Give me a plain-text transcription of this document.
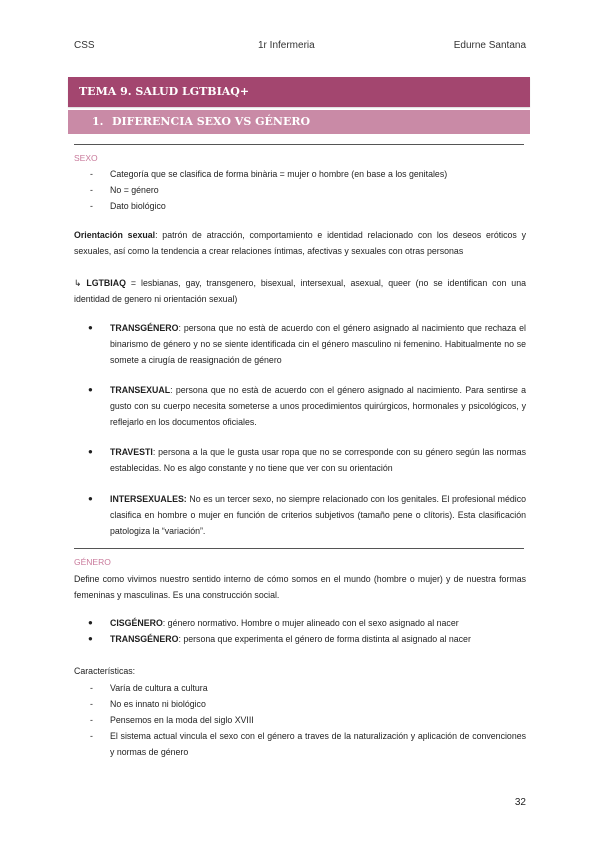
CSS	1r Infermeria	Edurne Santana
TEMA 9. SALUD LGTBIAQ+
1. DIFERENCIA SEXO VS GÉNERO
SEXO
- Categoría que se clasifica de forma binària = mujer o hombre (en base a los genitales)
- No = género
- Dato biológico
Orientación sexual: patrón de atracción, comportamiento e identidad relacionado con los deseos eróticos y sexuales, así como la tendencia a crear relaciones íntimas, afectivas y sexuales con otras personas
↳ LGTBIAQ = lesbianas, gay, transgenero, bisexual, intersexual, asexual, queer (no se identifican con una identidad de genero ni orientación sexual)
● TRANSGÉNERO: persona que no està de acuerdo con el género asignado al nacimiento que rechaza el binarismo de género y no se siente identificada cin el género masculino ni femenino. Habitualmente no se somete a cirugía de reasignación de género
● TRANSEXUAL: persona que no està de acuerdo con el género asignado al nacimiento. Para sentirse a gusto con su cuerpo necesita someterse a unos procedimientos quirúrgicos, hormonales y psicológicos, y reflejarlo en los documentos oficiales.
● TRAVESTI: persona a la que le gusta usar ropa que no se corresponde con su género según las normas establecidas. No es algo constante y no tiene que ver con su orientación
● INTERSEXUALES: No es un tercer sexo, no siempre relacionado con los genitales. El profesional médico clasifica en hombre o mujer en función de criterios subjetivos (tamaño pene o clítoris). Esta clasificación patologiza la “variación”.
GÉNERO
Define como vivimos nuestro sentido interno de cómo somos en el mundo (hombre o mujer) y de nuestra formas femeninas y masculinas. Es una construcción social.
● CISGÉNERO: género normativo. Hombre o mujer alineado con el sexo asignado al nacer
● TRANSGÉNERO: persona que experimenta el género de forma distinta al asignado al nacer
Características:
- Varía de cultura a cultura
- No es innato ni biológico
- Pensemos en la moda del siglo XVIII
- El sistema actual vincula el sexo con el género a traves de la naturalización y aplicación de convenciones y normas de género
32
